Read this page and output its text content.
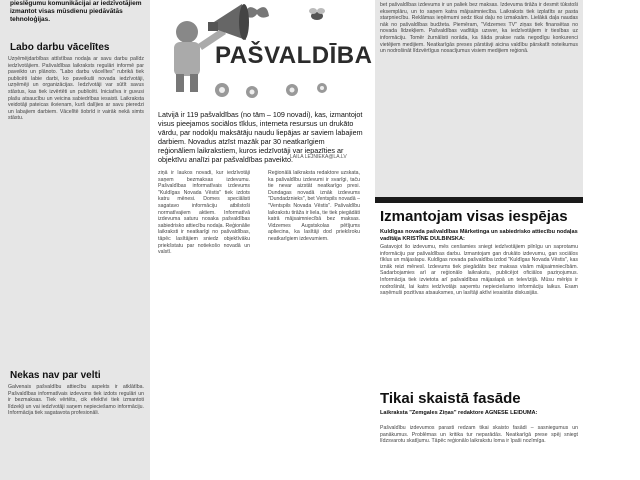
pieslēgumu komunikācijai ar iedzīvotājiem izmantot visas mūsdienu piedāvātās tehnoloģijas.
Labo darbu vācelītes
Uzņēmējdarbības attīstības nodaļa ar savu darbu palīdz iedzīvotājiem. Pašvaldības laikraksts regulāri informē par paveikto un plānoto. "Labo darbu vācelītes" rubrikā tiek publicēti labie darbi, ko paveikuši novada iedzīvotāji, uzņēmēji un organizācijas. Iedzīvotāji var sūtīt savus stāstus, kas tiek izvērtēti un publicēti. Iniciatīva ir guvusi plašu atsaucību un veicina sabiedrības iesaisti. Laikraksta veidotāji pateicas ikvienam, kurš dalījies ar savu pieredzi un labajiem darbiem. Vācelītē šobrīd ir vairāk nekā simts stāstu.
Nekas nav par velti
Galvenais pašvaldību attiecību aspekts ir atklātība. Pašvaldības informatīvais izdevums tiek izdots regulāri un ir bezmaksas. Tiek vērtēts, cik efektīvi tiek izmantoti līdzekļi un vai iedzīvotāji saņem nepieciešamo informāciju. Informācija tiek sagatavota profesionāli.
PAŠVALDĪBA
Latvijā ir 119 pašvaldības (no tām – 109 novadi), kas, izmantojot visus pieejamos sociālos tīklus, interneta resursus un drukāto vārdu, par nodokļu maksātāju naudu liepājas ar saviem labajiem darbiem. Novadus atzīst mazāk par 30 neatkarīgiem reģionāliem laikrakstiem, kuros iedzīvotāji var iepazīties ar objektīvu analīzi par pašvaldības paveikto.
LAILA LEJNIEKA@LA.LV
ziņā ir laukos novadi, kur iedzīvotāji saņem bezmaksas izdevumu. Pašvaldības informatīvais izdevums "Kuldīgas Novada Vēstis" tiek izdots katru mēnesi. Domes speciālisti sagatavo informāciju atbilstoši normatīvajiem aktiem. Informatīvā izdevuma saturu nosaka pašvaldības sabiedrisko attiecību nodaļa. Reģionālie laikraksti ir neatkarīgi no pašvaldības, tāpēc lasītājiem sniedz objektīvāku priekšstatu par notiekošo novadā un valstī.
Reģionālā laikraksta redaktore uzskata, ka pašvaldību izdevumi ir svarīgi, taču tie nevar aizstāt neatkarīgo presi. Dundagas novadā iznāk izdevums "Dundadznieks", bet Ventspils novadā – "Ventspils Novada Vēstis". Pašvaldību laikrakstu tirāža ir liela, tie tiek piegādāti katrā mājsaimniecībā bez maksas. Vidzemes Augstskolas pētījums apliecina, ka lasītāji dod priekšroku neatkarīgiem izdevumiem.
bet pašvaldības izdevums ir un paliek bez maksas. Izdevuma tirāža ir desmit tūkstoši eksemplāru, un to saņem katra mājsaimniecība. Laikraksts tiek izplatīts ar pasta starpniecību. Reklāmas ieņēmumi sedz tikai daļu no izmaksām. Lielākā daļa naudas nāk no pašvaldības budžeta. Piemēram, "Vidzemes TV" ziņas tiek finansētas no novada līdzekļiem. Pašvaldības vadītājs uzsver, ka iedzīvotājiem ir tiesības uz informāciju. Tomēr žurnālisti norāda, ka šāda prakse rada negodīgu konkurenci vietējiem medijiem. Neatkarīgās preses pārstāvji aicina valdību pārskatīt noteikumus un nodrošināt līdzvērtīgus nosacījumus visiem medijiem reģionā.
Izmantojam visas iespējas
Kuldīgas novada pašvaldības Mārketinga un sabiedrisko attiecību nodaļas vadītāja KRISTĪNE DULBINSKA:
Gatavojot šo izdevumu, mēs cenšamies sniegt iedzīvotājiem pilnīgu un saprotamu informāciju par pašvaldības darbu. Izmantojam gan drukāto izdevumu, gan sociālos tīklus un mājaslapu. Kuldīgas novada pašvaldība izdod "Kuldīgas Novada Vēstis", kas iznāk reizi mēnesī. Izdevums tiek piegādāts bez maksas visām mājsaimniecībām. Sadarbojamies arī ar reģionālo laikrakstu, publicējot oficiālos paziņojumus. Informācija tiek izvietota arī pašvaldības mājaslapā un televīzijā. Mūsu mērķis ir nodrošināt, lai katrs iedzīvotājs saņemtu nepieciešamo informāciju laikus. Esam saņēmuši pozitīvas atsauksmes, un lasītāji aktīvi iesaistās diskusijās.
Tikai skaistā fasāde
Laikraksta "Zemgales Ziņas" redaktore AGNESE LEIDUMA:
Pašvaldību izdevumos parasti redzam tikai skaisto fasādi – sasniegumus un panākumus. Problēmas un kritika tur neparādās. Neatkarīgā prese spēj sniegt līdzsvarotu skatījumu. Tāpēc reģionālo laikrakstu loma ir īpaši nozīmīga.
